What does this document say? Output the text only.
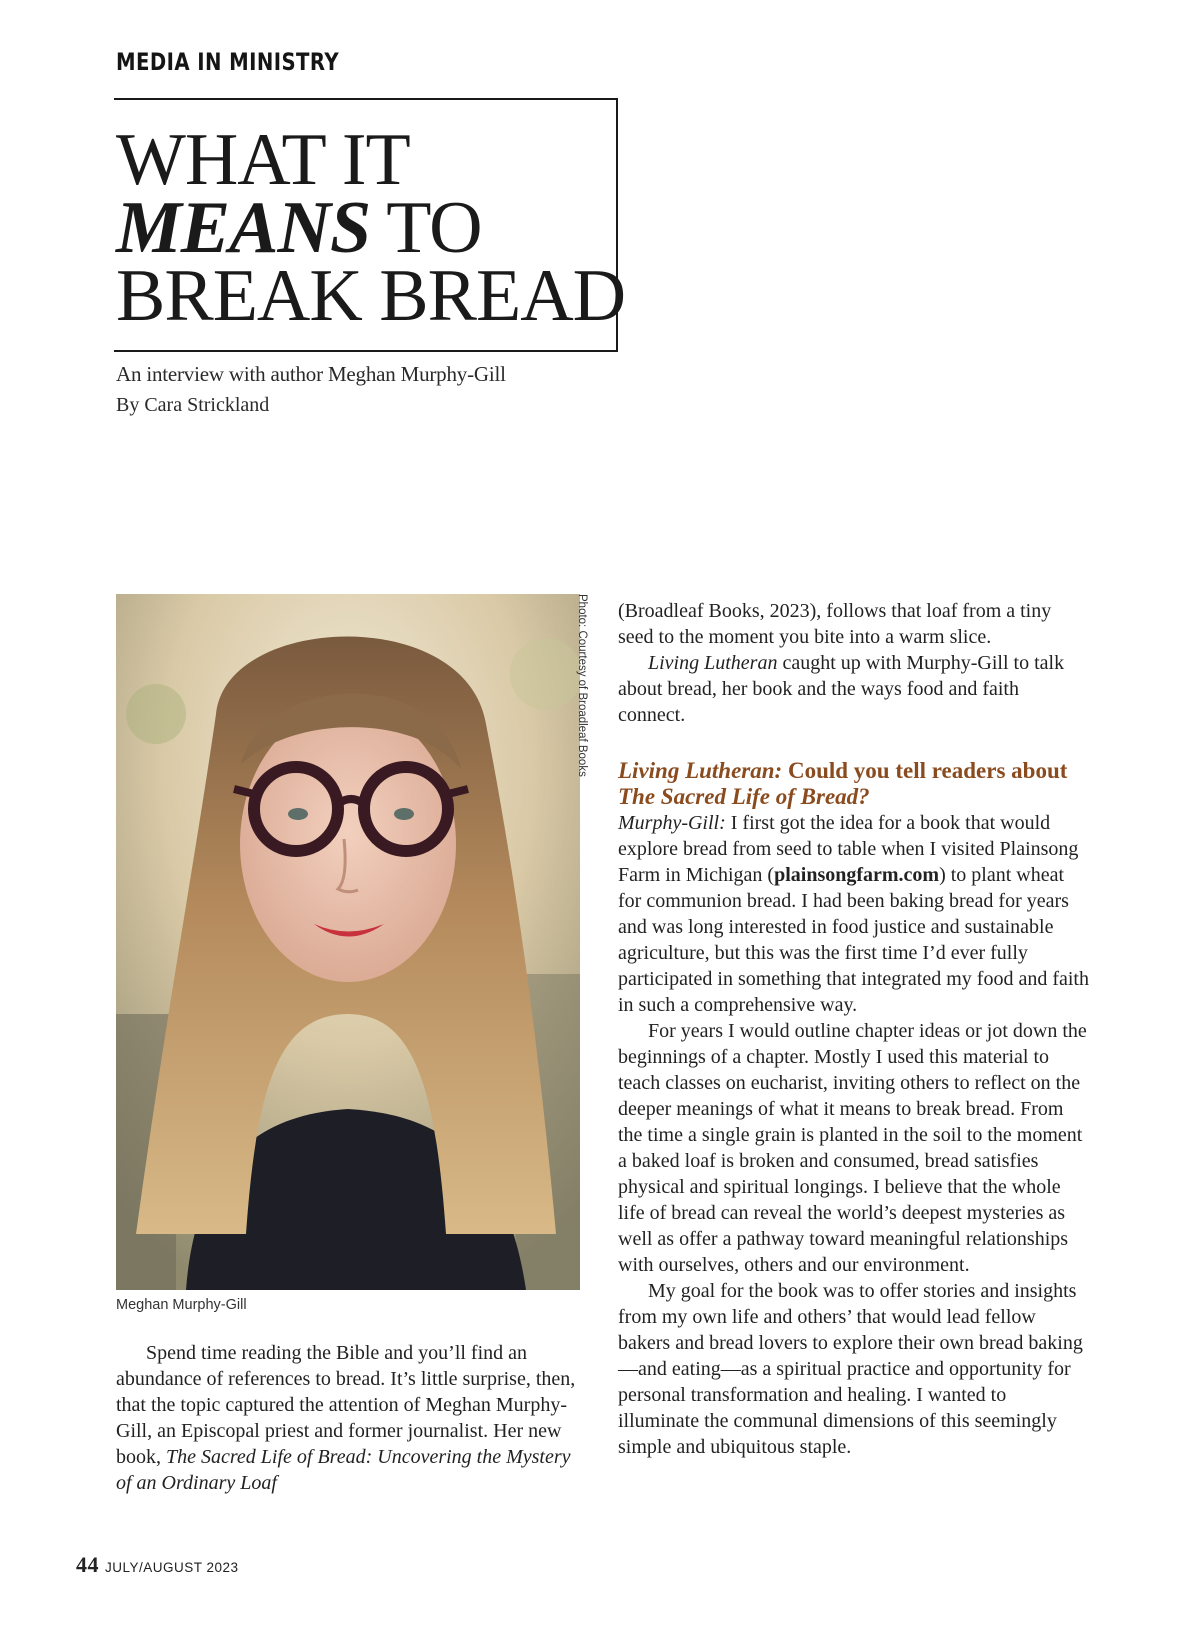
MEDIA IN MINISTRY
WHAT IT
MEANS TO
BREAK BREAD
An interview with author Meghan Murphy-Gill
By Cara Strickland
Photo: Courtesy of Broadleaf Books
Meghan Murphy-Gill

Spend time reading the Bible and you’ll find an abundance of references to bread. It’s little surprise, then, that the topic captured the attention of Meghan Murphy-Gill, an Episcopal priest and former journalist. Her new book, The Sacred Life of Bread: Uncovering the Mystery of an Ordinary Loaf

(Broadleaf Books, 2023), follows that loaf from a tiny seed to the moment you bite into a warm slice.

Living Lutheran caught up with Murphy-Gill to talk about bread, her book and the ways food and faith connect.

Living Lutheran: Could you tell readers about The Sacred Life of Bread?

Murphy-Gill: I first got the idea for a book that would explore bread from seed to table when I visited Plainsong Farm in Michigan (plainsongfarm.com) to plant wheat for communion bread. I had been baking bread for years and was long interested in food justice and sustainable agriculture, but this was the first time I’d ever fully participated in something that integrated my food and faith in such a comprehensive way.

For years I would outline chapter ideas or jot down the beginnings of a chapter. Mostly I used this material to teach classes on eucharist, inviting others to reflect on the deeper meanings of what it means to break bread. From the time a single grain is planted in the soil to the moment a baked loaf is broken and consumed, bread satisfies physical and spiritual longings. I believe that the whole life of bread can reveal the world’s deepest mysteries as well as offer a pathway toward meaningful relationships with ourselves, others and our environment.

My goal for the book was to offer stories and insights from my own life and others’ that would lead fellow bakers and bread lovers to explore their own bread baking—and eating—as a spiritual practice and opportunity for personal transformation and healing. I wanted to illuminate the communal dimensions of this seemingly simple and ubiquitous staple.

44 JULY/AUGUST 2023
